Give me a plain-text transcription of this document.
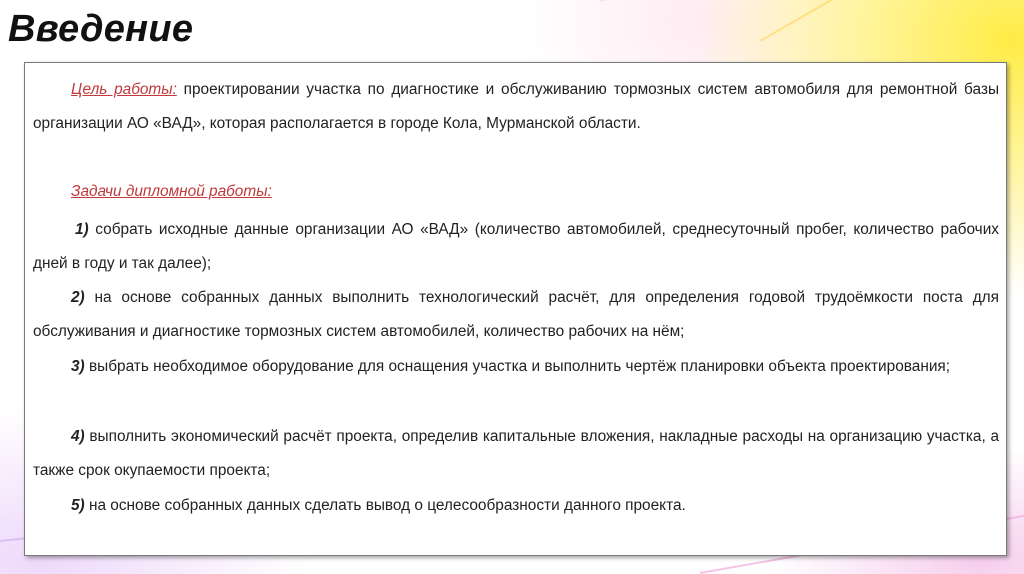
Введение

Цель работы: проектировании участка по диагностике и обслуживанию тормозных систем автомобиля для ремонтной базы организации АО «ВАД», которая располагается в городе Кола, Мурманской области.

Задачи дипломной работы:

1) собрать исходные данные организации АО «ВАД» (количество автомобилей, среднесуточный пробег, количество рабочих дней в году и так далее);

2) на основе собранных данных выполнить технологический расчёт, для определения годовой трудоёмкости поста для обслуживания и диагностике тормозных систем автомобилей, количество рабочих на нём;

3) выбрать необходимое оборудование для оснащения участка и выполнить чертёж планировки объекта проектирования;

4) выполнить экономический расчёт проекта, определив капитальные вложения, накладные расходы на организацию участка, а также срок окупаемости проекта;

5) на основе собранных данных сделать вывод о целесообразности данного проекта.
